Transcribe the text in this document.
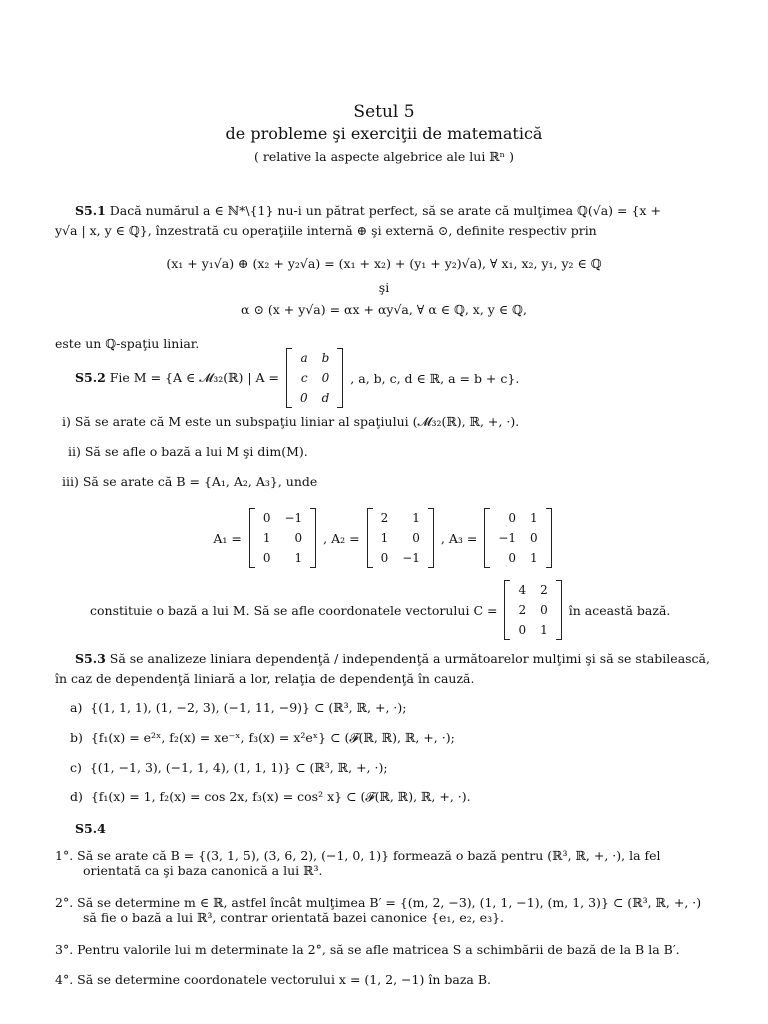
Setul 5
de probleme şi exerciţii de matematică
( relative la aspecte algebrice ale lui ℝⁿ )
S5.1 Dacă numărul a ∈ ℕ*\{1} nu-i un pătrat perfect, să se arate că mulţimea ℚ(√a) = {x +
y√a | x, y ∈ ℚ}, înzestrată cu operaţiile internă ⊕ şi externă ⊙, definite respectiv prin
(x₁ + y₁√a) ⊕ (x₂ + y₂√a) = (x₁ + x₂) + (y₁ + y₂)√a), ∀ x₁, x₂, y₁, y₂ ∈ ℚ
şi
α ⊙ (x + y√a) = αx + αy√a, ∀ α ∈ ℚ, x, y ∈ ℚ,
este un ℚ-spaţiu liniar.
S5.2 Fie M = {A ∈ 𝓜₃₂(ℝ) | A =
a	b
c	0
0	d
, a, b, c, d ∈ ℝ, a = b + c}.
i) Să se arate că M este un subspaţiu liniar al spaţiului (𝓜₃₂(ℝ), ℝ, +, ·).
ii) Să se afle o bază a lui M şi dim(M).
iii) Să se arate că B = {A₁, A₂, A₃}, unde
A₁ =
0	−1
1	0
0	1
, A₂ =
2	1
1	0
0	−1
, A₃ =
0	1
−1	0
0	1
constituie o bază a lui M. Să se afle coordonatele vectorului C =
4	2
2	0
0	1
în această bază.
S5.3 Să se analizeze liniara dependenţă / independenţă a următoarelor mulţimi şi să se stabilească,
în caz de dependenţă liniară a lor, relaţia de dependenţă în cauză.
a) {(1, 1, 1), (1, −2, 3), (−1, 11, −9)} ⊂ (ℝ³, ℝ, +, ·);
b) {f₁(x) = e²ˣ, f₂(x) = xe⁻ˣ, f₃(x) = x²eˣ} ⊂ (𝓕(ℝ, ℝ), ℝ, +, ·);
c) {(1, −1, 3), (−1, 1, 4), (1, 1, 1)} ⊂ (ℝ³, ℝ, +, ·);
d) {f₁(x) = 1, f₂(x) = cos 2x, f₃(x) = cos² x} ⊂ (𝓕(ℝ, ℝ), ℝ, +, ·).
S5.4
1°. Să se arate că B = {(3, 1, 5), (3, 6, 2), (−1, 0, 1)} formează o bază pentru (ℝ³, ℝ, +, ·), la fel
orientată ca şi baza canonică a lui ℝ³.
2°. Să se determine m ∈ ℝ, astfel încât mulţimea B′ = {(m, 2, −3), (1, 1, −1), (m, 1, 3)} ⊂ (ℝ³, ℝ, +, ·)
să fie o bază a lui ℝ³, contrar orientată bazei canonice {e₁, e₂, e₃}.
3°. Pentru valorile lui m determinate la 2°, să se afle matricea S a schimbării de bază de la B la B′.
4°. Să se determine coordonatele vectorului x = (1, 2, −1) în baza B.
